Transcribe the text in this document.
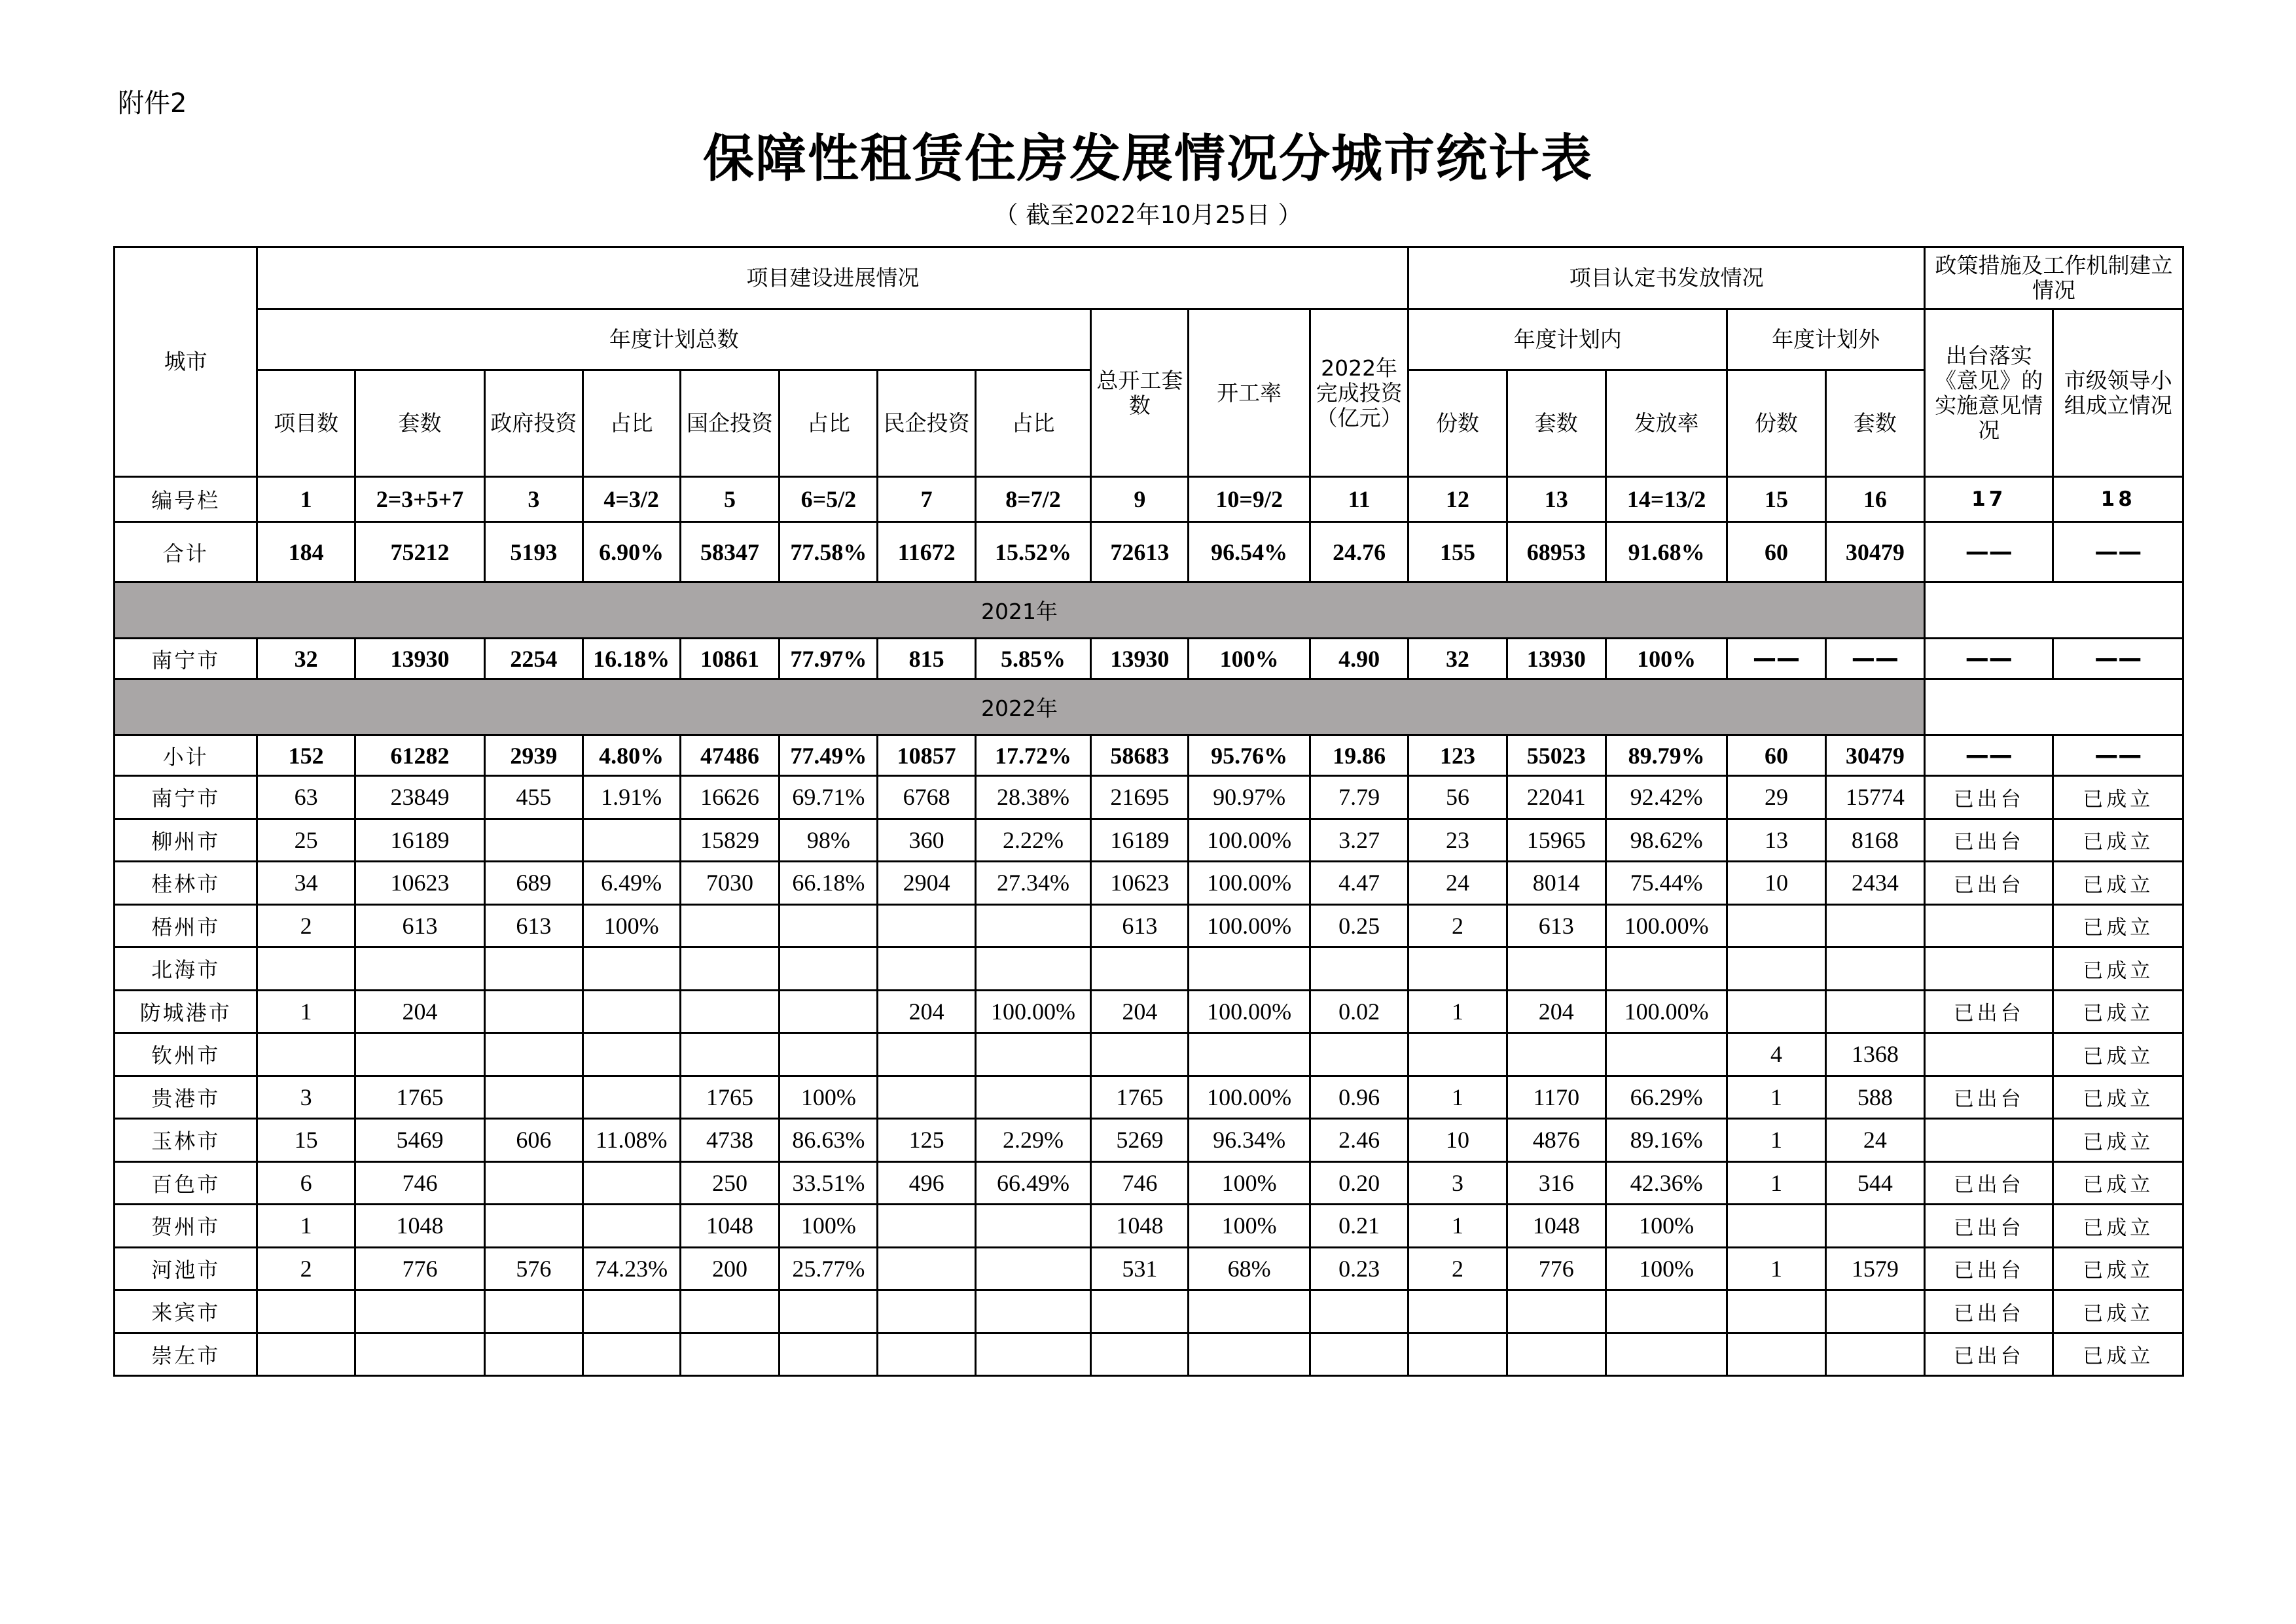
附件2
保障性租赁住房发展情况分城市统计表
（ 截至2022年10月25日 ）
城市	项目建设进展情况											项目认定书发放情况					政策措施及工作机制建立情况	
	年度计划总数								总开工套数	开工率	2022年完成投资（亿元）	年度计划内			年度计划外		出台落实《意见》的实施意见情况	市级领导小组成立情况
	项目数	套数	政府投资	占比	国企投资	占比	民企投资	占比				份数	套数	发放率	份数	套数		
编号栏	1	2=3+5+7	3	4=3/2	5	6=5/2	7	8=7/2	9	10=9/2	11	12	13	14=13/2	15	16	17	18
合计	184	75212	5193	6.90%	58347	77.58%	11672	15.52%	72613	96.54%	24.76	155	68953	91.68%	60	30479	——	——
2021年																		
南宁市	32	13930	2254	16.18%	10861	77.97%	815	5.85%	13930	100%	4.90	32	13930	100%	——	——	——	——
2022年																		
小计	152	61282	2939	4.80%	47486	77.49%	10857	17.72%	58683	95.76%	19.86	123	55023	89.79%	60	30479	——	——
南宁市	63	23849	455	1.91%	16626	69.71%	6768	28.38%	21695	90.97%	7.79	56	22041	92.42%	29	15774	已出台	已成立
柳州市	25	16189			15829	98%	360	2.22%	16189	100.00%	3.27	23	15965	98.62%	13	8168	已出台	已成立
桂林市	34	10623	689	6.49%	7030	66.18%	2904	27.34%	10623	100.00%	4.47	24	8014	75.44%	10	2434	已出台	已成立
梧州市	2	613	613	100%					613	100.00%	0.25	2	613	100.00%				已成立
北海市																		已成立
防城港市	1	204					204	100.00%	204	100.00%	0.02	1	204	100.00%			已出台	已成立
钦州市															4	1368		已成立
贵港市	3	1765			1765	100%			1765	100.00%	0.96	1	1170	66.29%	1	588	已出台	已成立
玉林市	15	5469	606	11.08%	4738	86.63%	125	2.29%	5269	96.34%	2.46	10	4876	89.16%	1	24		已成立
百色市	6	746			250	33.51%	496	66.49%	746	100%	0.20	3	316	42.36%	1	544	已出台	已成立
贺州市	1	1048			1048	100%			1048	100%	0.21	1	1048	100%			已出台	已成立
河池市	2	776	576	74.23%	200	25.77%			531	68%	0.23	2	776	100%	1	1579	已出台	已成立
来宾市																	已出台	已成立
崇左市																	已出台	已成立
